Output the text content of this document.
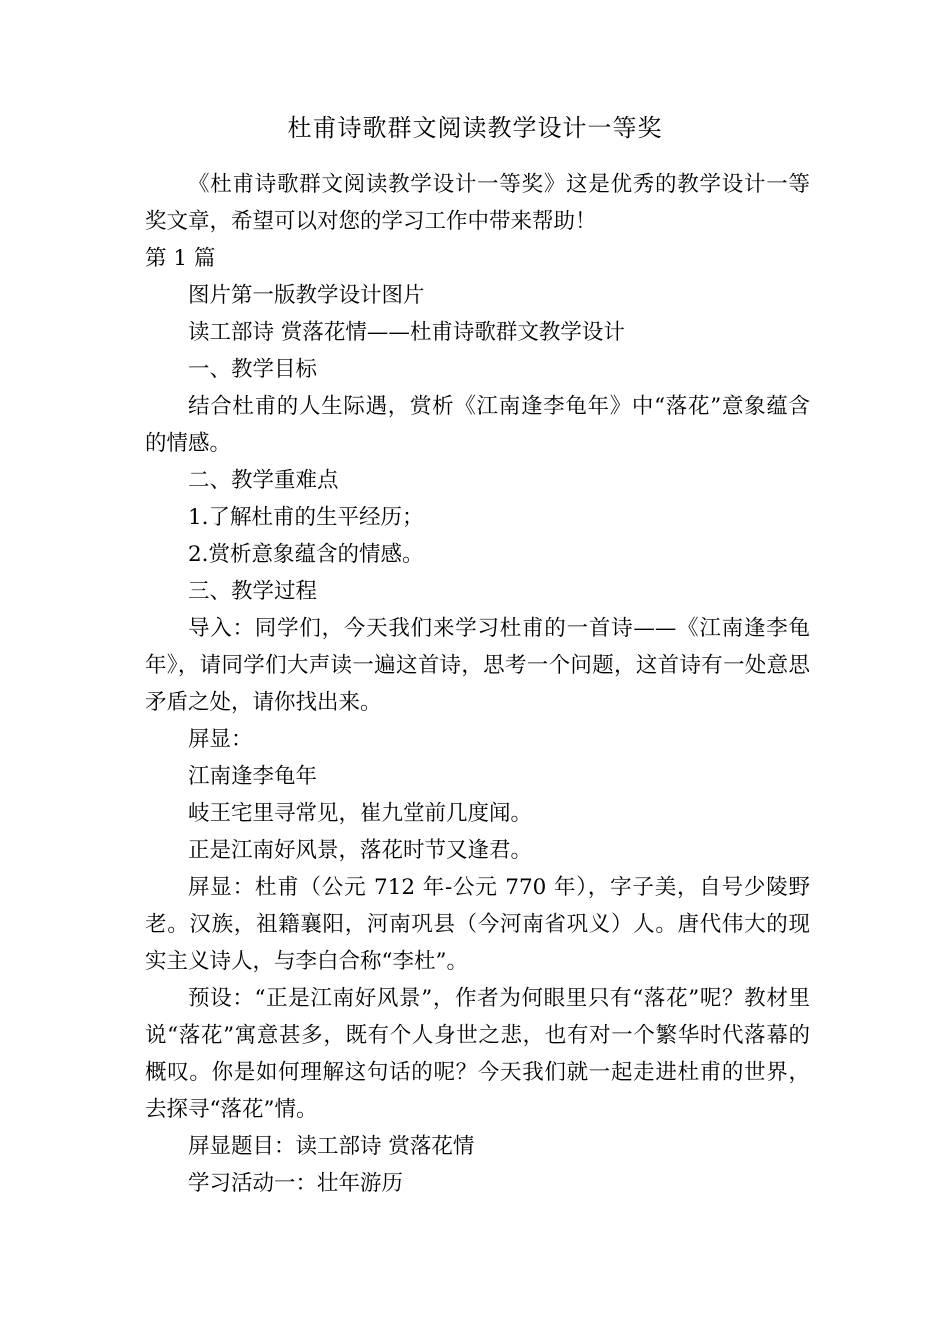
杜甫诗歌群文阅读教学设计一等奖

《杜甫诗歌群文阅读教学设计一等奖》这是优秀的教学设计一等奖文章，希望可以对您的学习工作中带来帮助！

第 1 篇

图片第一版教学设计图片

读工部诗 赏落花情——杜甫诗歌群文教学设计

一、教学目标

结合杜甫的人生际遇，赏析《江南逢李龟年》中“落花”意象蕴含的情感。

二、教学重难点

1.了解杜甫的生平经历；

2.赏析意象蕴含的情感。

三、教学过程

导入：同学们，今天我们来学习杜甫的一首诗——《江南逢李龟年》，请同学们大声读一遍这首诗，思考一个问题，这首诗有一处意思矛盾之处，请你找出来。

屏显：

江南逢李龟年

岐王宅里寻常见，崔九堂前几度闻。

正是江南好风景，落花时节又逢君。

屏显：杜甫（公元 712 年-公元 770 年），字子美，自号少陵野老。汉族，祖籍襄阳，河南巩县（今河南省巩义）人。唐代伟大的现实主义诗人，与李白合称“李杜”。

预设：“正是江南好风景”，作者为何眼里只有“落花”呢？教材里说“落花”寓意甚多，既有个人身世之悲，也有对一个繁华时代落幕的概叹。你是如何理解这句话的呢？今天我们就一起走进杜甫的世界，去探寻“落花”情。

屏显题目：读工部诗 赏落花情

学习活动一：壮年游历
